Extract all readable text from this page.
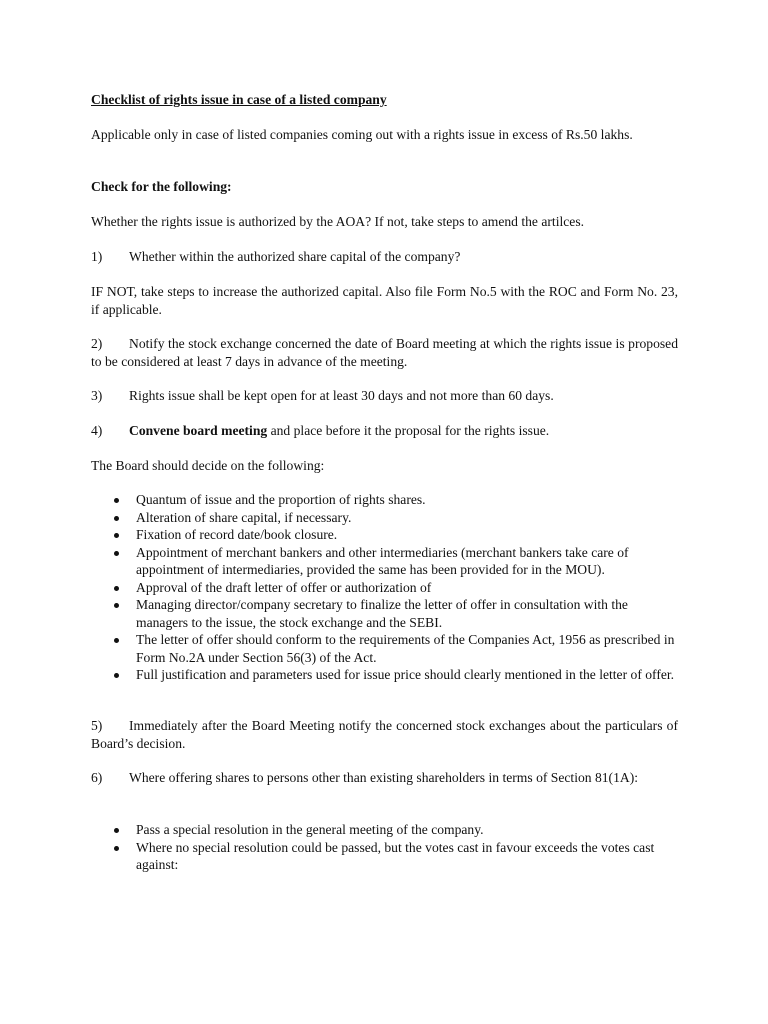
Checklist of rights issue in case of a listed company

Applicable only in case of listed companies coming out with a rights issue in excess of Rs.50 lakhs.

Check for the following:

Whether the rights issue is authorized by the AOA? If not, take steps to amend the artilces.

1) Whether within the authorized share capital of the company?

IF NOT, take steps to increase the authorized capital. Also file Form No.5 with the ROC and Form No. 23, if applicable.

2) Notify the stock exchange concerned the date of Board meeting at which the rights issue is proposed to be considered at least 7 days in advance of the meeting.

3) Rights issue shall be kept open for at least 30 days and not more than 60 days.

4) Convene board meeting and place before it the proposal for the rights issue.

The Board should decide on the following:

Quantum of issue and the proportion of rights shares.
Alteration of share capital, if necessary.
Fixation of record date/book closure.
Appointment of merchant bankers and other intermediaries (merchant bankers take care of appointment of intermediaries, provided the same has been provided for in the MOU).
Approval of the draft letter of offer or authorization of
Managing director/company secretary to finalize the letter of offer in consultation with the managers to the issue, the stock exchange and the SEBI.
The letter of offer should conform to the requirements of the Companies Act, 1956 as prescribed in Form No.2A under Section 56(3) of the Act.
Full justification and parameters used for issue price should clearly mentioned in the letter of offer.

5) Immediately after the Board Meeting notify the concerned stock exchanges about the particulars of Board’s decision.

6) Where offering shares to persons other than existing shareholders in terms of Section 81(1A):

Pass a special resolution in the general meeting of the company.
Where no special resolution could be passed, but the votes cast in favour exceeds the votes cast against:
